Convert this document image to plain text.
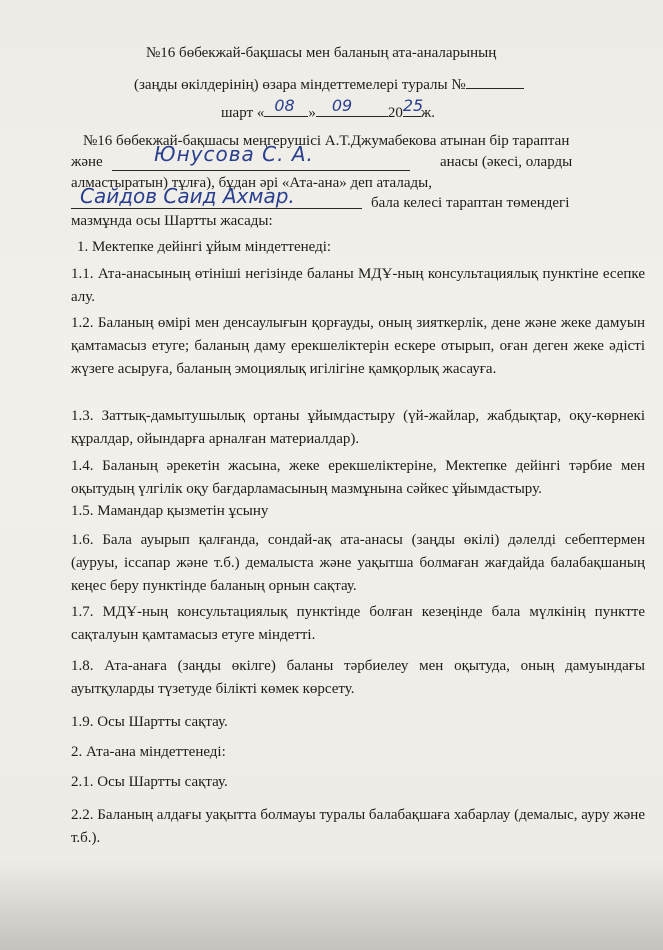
№16 бөбекжай-бақшасы мен баланың ата-аналарының
(заңды өкілдерінің) өзара міндеттемелері туралы №
шарт « 08 » 09 20 25
ж.
№16 бөбекжай-бақшасы меңгерушісі А.Т.Джумабекова атынан бір тараптан
және	Юнусова С. А.	анасы (әкесі, оларды
алмастыратын) тұлға), бұдан әрі «Ата-ана» деп аталады,
Сайдов Саид Ахмар.	бала келесі тараптан төмендегі
мазмұнда осы Шартты жасады:
1. Мектепке дейінгі ұйым міндеттенеді:
1.1. Ата-анасының өтініші негізінде баланы МДҰ-ның консультациялық пунктіне есепке алу.
1.2. Баланың өмірі мен денсаулығын қорғауды, оның зияткерлік, дене және жеке дамуын қамтамасыз етуге; баланың даму ерекшеліктерін ескере отырып, оған деген жеке әдісті жүзеге асыруға, баланың эмоциялық игілігіне қамқорлық жасауға.
1.3. Заттық-дамытушылық ортаны ұйымдастыру (үй-жайлар, жабдықтар, оқу-көрнекі құралдар, ойындарға арналған материалдар).
1.4. Баланың әрекетін жасына, жеке ерекшеліктеріне, Мектепке дейінгі тәрбие мен оқытудың үлгілік оқу бағдарламасының мазмұнына сәйкес ұйымдастыру.
1.5. Мамандар қызметін ұсыну
1.6. Бала ауырып қалғанда, сондай-ақ ата-анасы (заңды өкілі) дәлелді себептермен (ауруы, іссапар және т.б.) демалыста және уақытша болмаған жағдайда балабақшаның кеңес беру пунктінде баланың орнын сақтау.
1.7. МДҰ-ның консультациялық пунктінде болған кезеңінде бала мүлкінің пунктте сақталуын қамтамасыз етуге міндетті.
1.8. Ата-анаға (заңды өкілге) баланы тәрбиелеу мен оқытуда, оның дамуындағы ауытқуларды түзетуде білікті көмек көрсету.
1.9. Осы Шартты сақтау.
2. Ата-ана міндеттенеді:
2.1. Осы Шартты сақтау.
2.2. Баланың алдағы уақытта болмауы туралы балабақшаға хабарлау (демалыс, ауру және т.б.).
